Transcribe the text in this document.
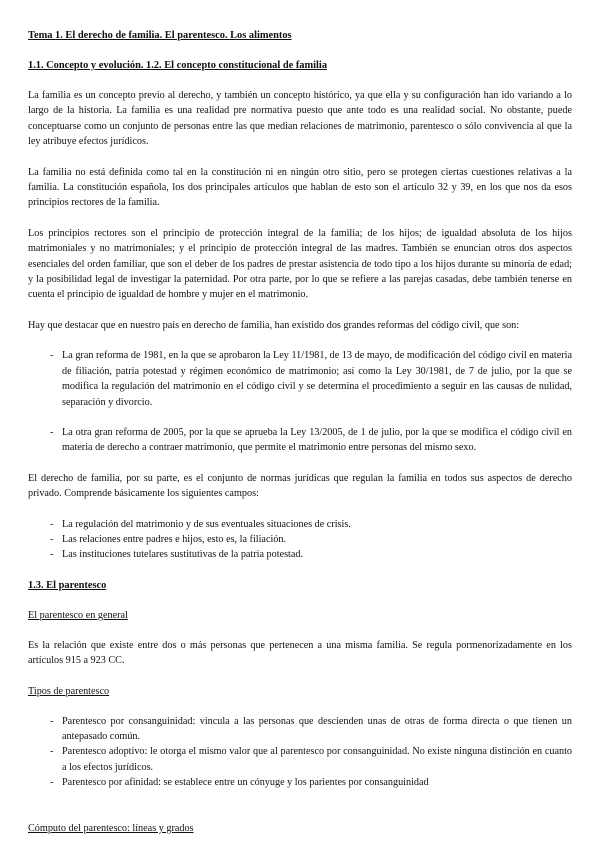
Tema 1. El derecho de familia. El parentesco. Los alimentos

1.1. Concepto y evolución. 1.2. El concepto constitucional de familia

La familia es un concepto previo al derecho, y también un concepto histórico, ya que ella y su configuración han ido variando a lo largo de la historia. La familia es una realidad pre normativa puesto que ante todo es una realidad social. No obstante, puede conceptuarse como un conjunto de personas entre las que median relaciones de matrimonio, parentesco o sólo convivencia al que la ley atribuye efectos jurídicos.

La familia no está definida como tal en la constitución ni en ningún otro sitio, pero se protegen ciertas cuestiones relativas a la familia. La constitución española, los dos principales artículos que hablan de esto son el artículo 32 y 39, en los que nos da esos principios rectores de la familia.

Los principios rectores son el principio de protección integral de la familia; de los hijos; de igualdad absoluta de los hijos matrimoniales y no matrimoniales; y el principio de protección integral de las madres. También se enuncian otros dos aspectos esenciales del orden familiar, que son el deber de los padres de prestar asistencia de todo tipo a los hijos durante su minoría de edad; y la posibilidad legal de investigar la paternidad. Por otra parte, por lo que se refiere a las parejas casadas, debe también tenerse en cuenta el principio de igualdad de hombre y mujer en el matrimonio.

Hay que destacar que en nuestro país en derecho de familia, han existido dos grandes reformas del código civil, que son:

- La gran reforma de 1981, en la que se aprobaron la Ley 11/1981, de 13 de mayo, de modificación del código civil en materia de filiación, patria potestad y régimen económico de matrimonio; así como la Ley 30/1981, de 7 de julio, por la que se modifica la regulación del matrimonio en el código civil y se determina el procedimiento a seguir en las causas de nulidad, separación y divorcio.
- La otra gran reforma de 2005, por la que se aprueba la Ley 13/2005, de 1 de julio, por la que se modifica el código civil en materia de derecho a contraer matrimonio, que permite el matrimonio entre personas del mismo sexo.

El derecho de familia, por su parte, es el conjunto de normas jurídicas que regulan la familia en todos sus aspectos de derecho privado. Comprende básicamente los siguientes campos:

- La regulación del matrimonio y de sus eventuales situaciones de crisis.
- Las relaciones entre padres e hijos, esto es, la filiación.
- Las instituciones tutelares sustitutivas de la patria potestad.

1.3. El parentesco

El parentesco en general

Es la relación que existe entre dos o más personas que pertenecen a una misma familia. Se regula pormenorizadamente en los artículos 915 a 923 CC.

Tipos de parentesco

- Parentesco por consanguinidad: vincula a las personas que descienden unas de otras de forma directa o que tienen un antepasado común.
- Parentesco adoptivo: le otorga el mismo valor que al parentesco por consanguinidad. No existe ninguna distinción en cuanto a los efectos jurídicos.
- Parentesco por afinidad: se establece entre un cónyuge y los parientes por consanguinidad

Cómputo del parentesco: líneas y grados
